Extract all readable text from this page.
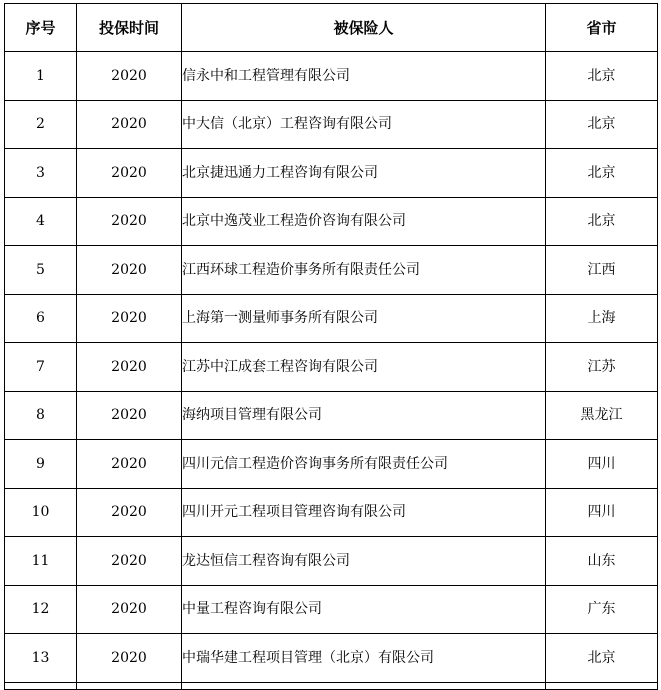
序号	投保时间	被保险人	省市
1	2020	信永中和工程管理有限公司	北京
2	2020	中大信（北京）工程咨询有限公司	北京
3	2020	北京捷迅通力工程咨询有限公司	北京
4	2020	北京中逸茂业工程造价咨询有限公司	北京
5	2020	江西环球工程造价事务所有限责任公司	江西
6	2020	上海第一测量师事务所有限公司	上海
7	2020	江苏中江成套工程咨询有限公司	江苏
8	2020	海纳项目管理有限公司	黑龙江
9	2020	四川元信工程造价咨询事务所有限责任公司	四川
10	2020	四川开元工程项目管理咨询有限公司	四川
11	2020	龙达恒信工程咨询有限公司	山东
12	2020	中量工程咨询有限公司	广东
13	2020	中瑞华建工程项目管理（北京）有限公司	北京
